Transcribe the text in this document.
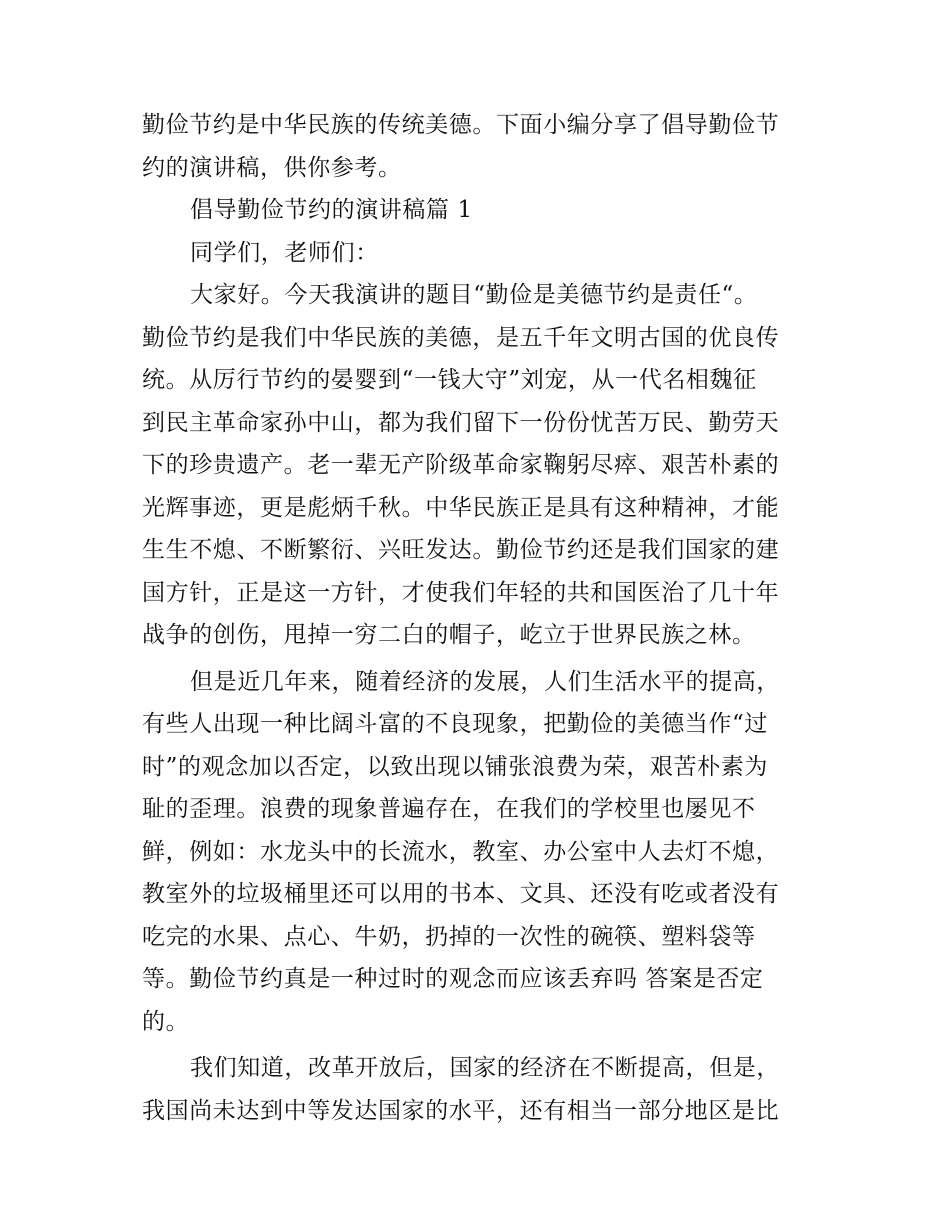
勤俭节约是中华民族的传统美德。下面小编分享了倡导勤俭节
约的演讲稿，供你参考。
倡导勤俭节约的演讲稿篇 1
同学们，老师们：
大家好。今天我演讲的题目“勤俭是美德节约是责任“。
勤俭节约是我们中华民族的美德，是五千年文明古国的优良传
统。从厉行节约的晏婴到“一钱大守”刘宠，从一代名相魏征
到民主革命家孙中山，都为我们留下一份份忧苦万民、勤劳天
下的珍贵遗产。老一辈无产阶级革命家鞠躬尽瘁、艰苦朴素的
光辉事迹，更是彪炳千秋。中华民族正是具有这种精神，才能
生生不熄、不断繁衍、兴旺发达。勤俭节约还是我们国家的建
国方针，正是这一方针，才使我们年轻的共和国医治了几十年
战争的创伤，甩掉一穷二白的帽子，屹立于世界民族之林。
但是近几年来，随着经济的发展，人们生活水平的提高，
有些人出现一种比阔斗富的不良现象，把勤俭的美德当作“过
时”的观念加以否定，以致出现以铺张浪费为荣，艰苦朴素为
耻的歪理。浪费的现象普遍存在，在我们的学校里也屡见不
鲜，例如：水龙头中的长流水，教室、办公室中人去灯不熄，
教室外的垃圾桶里还可以用的书本、文具、还没有吃或者没有
吃完的水果、点心、牛奶，扔掉的一次性的碗筷、塑料袋等
等。勤俭节约真是一种过时的观念而应该丢弃吗 答案是否定
的。
我们知道，改革开放后，国家的经济在不断提高，但是，
我国尚未达到中等发达国家的水平，还有相当一部分地区是比
